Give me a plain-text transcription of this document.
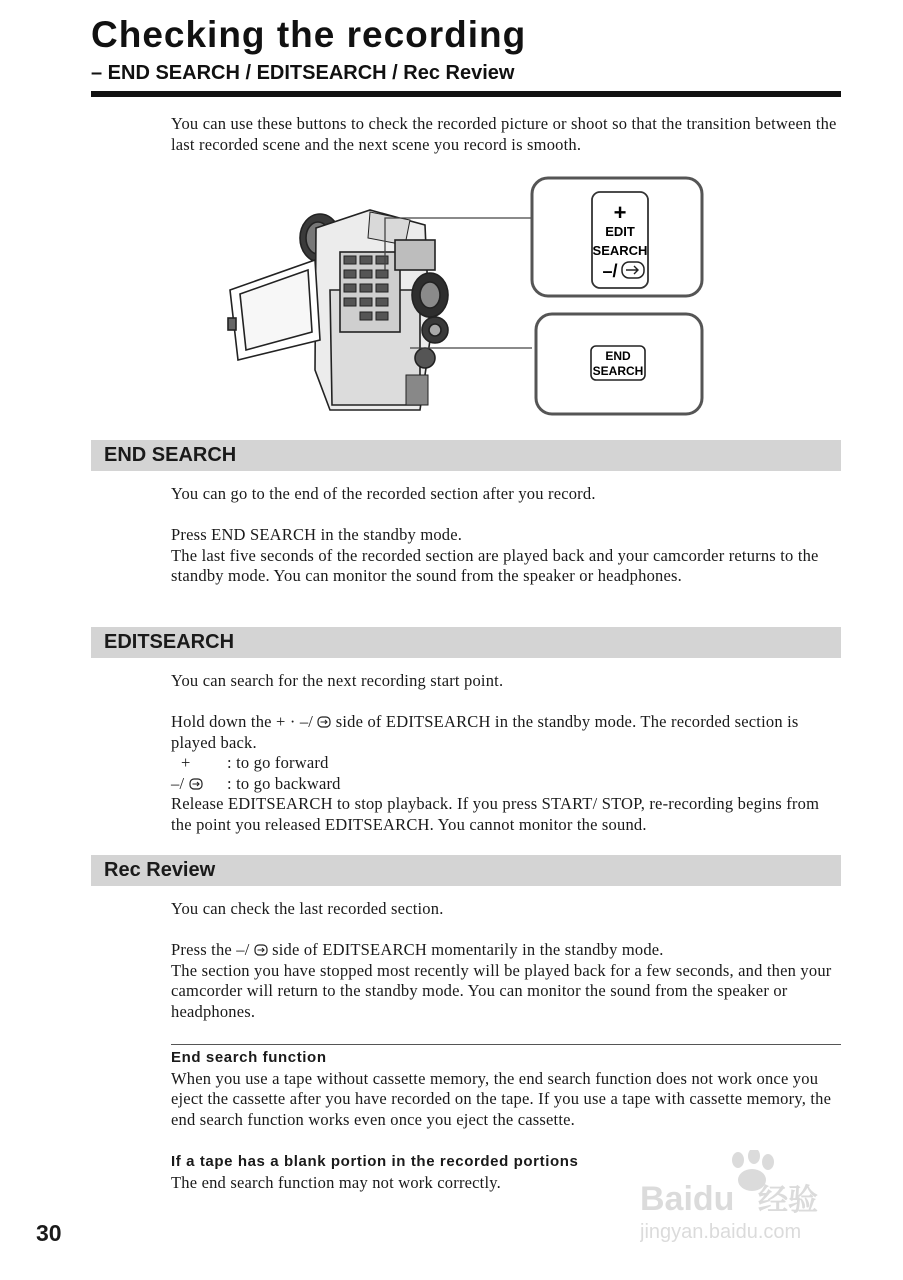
Checking the recording
– END SEARCH / EDITSEARCH / Rec Review

You can use these buttons to check the recorded picture or shoot so that the transition between the last recorded scene and the next scene you record is smooth.

+
EDIT
SEARCH
–/
END
SEARCH
END SEARCH

You can go to the end of the recorded section after you record.

Press END SEARCH in the standby mode.

The last five seconds of the recorded section are played back and your camcorder returns to the standby mode. You can monitor the sound from the speaker or headphones.

EDITSEARCH

You can search for the next recording start point.

Hold down the + · –/ side of EDITSEARCH in the standby mode. The recorded section is played back.

+	: to go forward
–/	: to go backward

Release EDITSEARCH to stop playback. If you press START/ STOP, re-recording begins from the point you released EDITSEARCH. You cannot monitor the sound.

Rec Review

You can check the last recorded section.

Press the –/ side of EDITSEARCH momentarily in the standby mode.

The section you have stopped most recently will be played back for a few seconds, and then your camcorder will return to the standby mode. You can monitor the sound from the speaker or headphones.

End search function

When you use a tape without cassette memory, the end search function does not work once you eject the cassette after you have recorded on the tape. If you use a tape with cassette memory, the end search function works even once you eject the cassette.

If a tape has a blank portion in the recorded portions

The end search function may not work correctly.

30
Baidu 经验
jingyan.baidu.com
